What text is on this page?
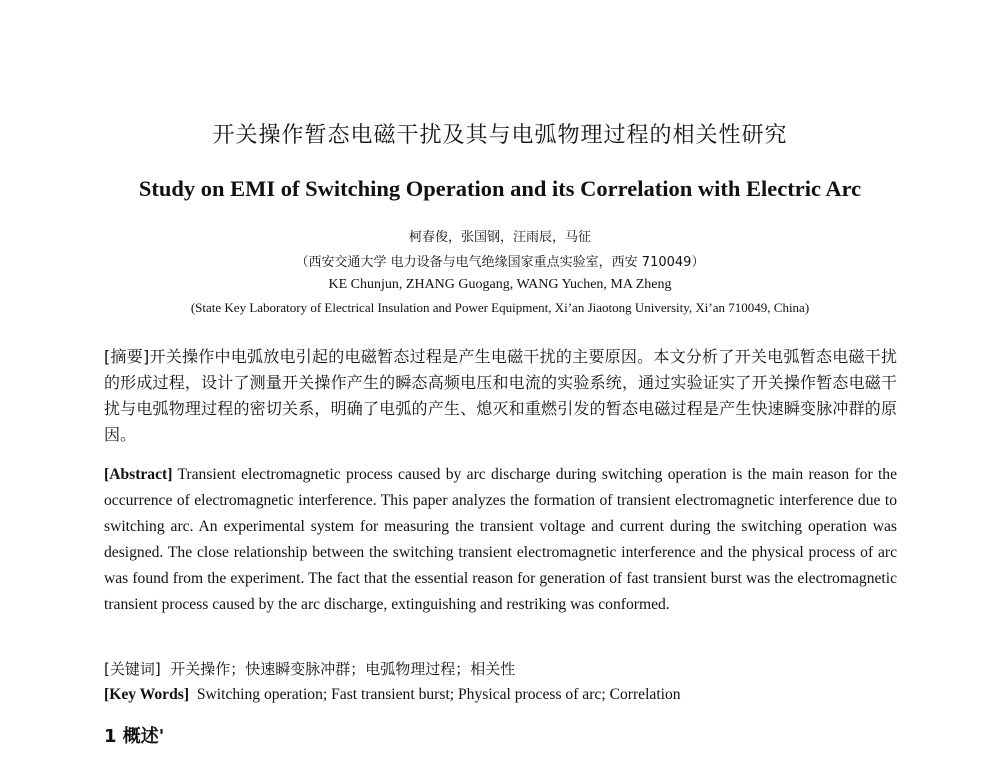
开关操作暂态电磁干扰及其与电弧物理过程的相关性研究
Study on EMI of Switching Operation and its Correlation with Electric Arc
柯春俊，张国钢，汪雨辰，马征
（西安交通大学 电力设备与电气绝缘国家重点实验室，西安 710049）
KE Chunjun, ZHANG Guogang, WANG Yuchen, MA Zheng
(State Key Laboratory of Electrical Insulation and Power Equipment, Xi’an Jiaotong University, Xi’an 710049, China)
[摘要]开关操作中电弧放电引起的电磁暂态过程是产生电磁干扰的主要原因。本文分析了开关电弧暂态电磁干扰的形成过程，设计了测量开关操作产生的瞬态高频电压和电流的实验系统，通过实验证实了开关操作暂态电磁干扰与电弧物理过程的密切关系，明确了电弧的产生、熄灭和重燃引发的暂态电磁过程是产生快速瞬变脉冲群的原因。
[Abstract] Transient electromagnetic process caused by arc discharge during switching operation is the main reason for the occurrence of electromagnetic interference. This paper analyzes the formation of transient electromagnetic interference due to switching arc. An experimental system for measuring the transient voltage and current during the switching operation was designed. The close relationship between the switching transient electromagnetic interference and the physical process of arc was found from the experiment. The fact that the essential reason for generation of fast transient burst was the electromagnetic transient process caused by the arc discharge, extinguishing and restriking was conformed.
[关键词] 开关操作；快速瞬变脉冲群；电弧物理过程；相关性
[Key Words] Switching operation; Fast transient burst; Physical process of arc; Correlation
1 概述'
